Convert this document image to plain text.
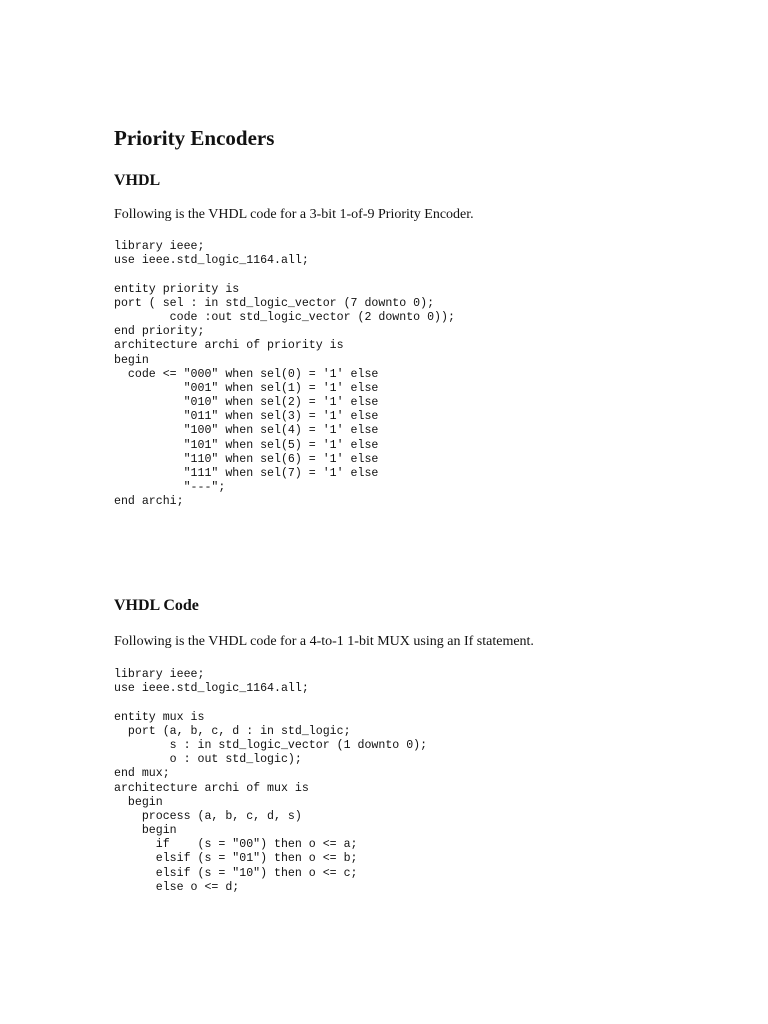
Priority Encoders
VHDL

Following is the VHDL code for a 3-bit 1-of-9 Priority Encoder.

library ieee;
use ieee.std_logic_1164.all;
entity priority is
port ( sel : in std_logic_vector (7 downto 0);
code :out std_logic_vector (2 downto 0));
end priority;
architecture archi of priority is
begin
code <= "000" when sel(0) = '1' else
"001" when sel(1) = '1' else
"010" when sel(2) = '1' else
"011" when sel(3) = '1' else
"100" when sel(4) = '1' else
"101" when sel(5) = '1' else
"110" when sel(6) = '1' else
"111" when sel(7) = '1' else
"---";
end archi;
VHDL Code

Following is the VHDL code for a 4-to-1 1-bit MUX using an If statement.

library ieee;
use ieee.std_logic_1164.all;
entity mux is
port (a, b, c, d : in std_logic;
s : in std_logic_vector (1 downto 0);
o : out std_logic);
end mux;
architecture archi of mux is
begin
process (a, b, c, d, s)
begin
if    (s = "00") then o <= a;
elsif (s = "01") then o <= b;
elsif (s = "10") then o <= c;
else o <= d;
